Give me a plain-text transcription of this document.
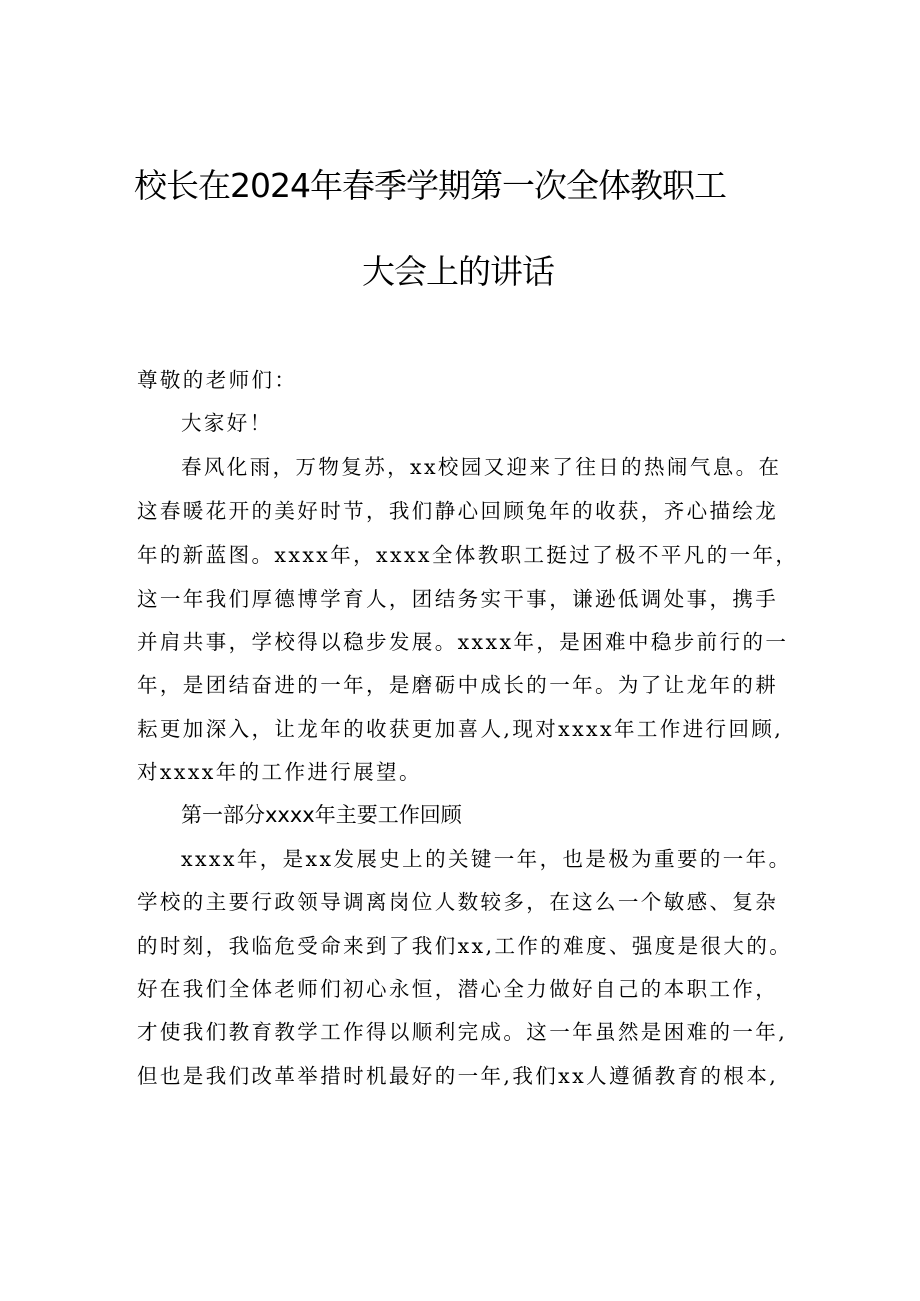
校长在2024年春季学期第一次全体教职工
大会上的讲话
尊敬的老师们：
大家好！
春风化雨，万物复苏，xx校园又迎来了往日的热闹气息。在
这春暖花开的美好时节，我们静心回顾兔年的收获，齐心描绘龙
年的新蓝图。xxxx年，xxxx全体教职工挺过了极不平凡的一年，
这一年我们厚德博学育人，团结务实干事，谦逊低调处事，携手
并肩共事，学校得以稳步发展。xxxx年，是困难中稳步前行的一
年，是团结奋进的一年，是磨砺中成长的一年。为了让龙年的耕
耘更加深入，让龙年的收获更加喜人,现对xxxx年工作进行回顾,
对xxxx年的工作进行展望。
第一部分xxxx年主要工作回顾
xxxx年，是xx发展史上的关键一年，也是极为重要的一年。
学校的主要行政领导调离岗位人数较多，在这么一个敏感、复杂
的时刻，我临危受命来到了我们xx,工作的难度、强度是很大的。
好在我们全体老师们初心永恒，潜心全力做好自己的本职工作，
才使我们教育教学工作得以顺利完成。这一年虽然是困难的一年,
但也是我们改革举措时机最好的一年,我们xx人遵循教育的根本,
